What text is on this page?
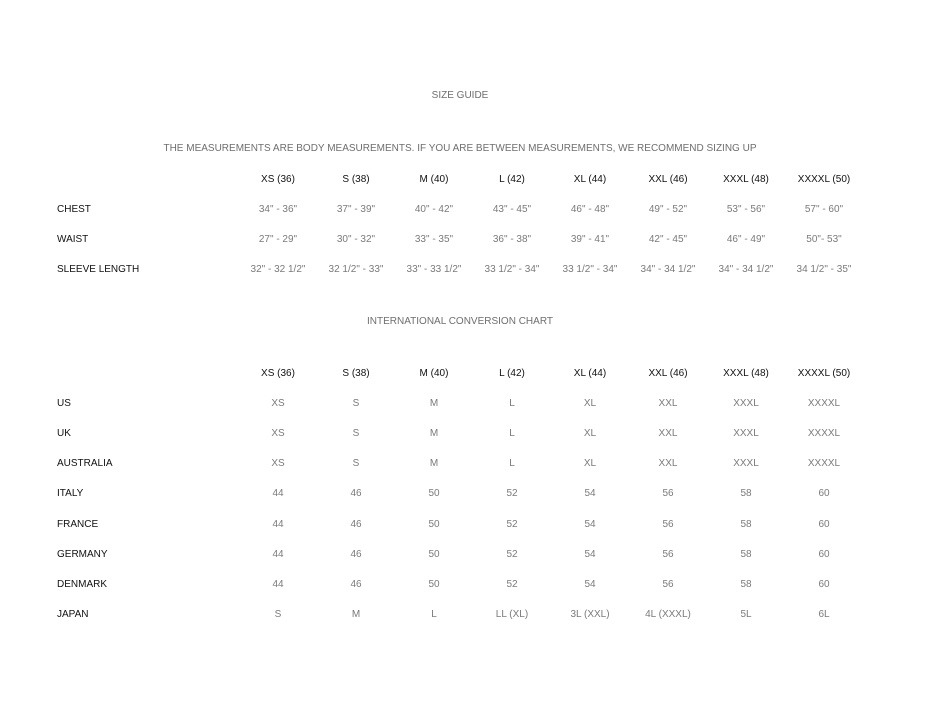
SIZE GUIDE
THE MEASUREMENTS ARE BODY MEASUREMENTS. IF YOU ARE BETWEEN MEASUREMENTS, WE RECOMMEND SIZING UP
	XS (36)	S (38)	M (40)	L (42)	XL (44)	XXL (46)	XXXL (48)	XXXXL (50)
CHEST	34" - 36"	37" - 39"	40" - 42"	43" - 45"	46" - 48"	49" - 52"	53" - 56"	57" - 60"
WAIST	27" - 29"	30" - 32"	33" - 35"	36" - 38"	39" - 41"	42" - 45"	46" - 49"	50"- 53"
SLEEVE LENGTH	32" - 32 1/2"	32 1/2" - 33"	33" - 33 1/2"	33 1/2" - 34"	33 1/2" - 34"	34" - 34 1/2"	34" - 34 1/2"	34 1/2" - 35"
INTERNATIONAL CONVERSION CHART
	XS (36)	S (38)	M (40)	L (42)	XL (44)	XXL (46)	XXXL (48)	XXXXL (50)
US	XS	S	M	L	XL	XXL	XXXL	XXXXL
UK	XS	S	M	L	XL	XXL	XXXL	XXXXL
AUSTRALIA	XS	S	M	L	XL	XXL	XXXL	XXXXL
ITALY	44	46	50	52	54	56	58	60
FRANCE	44	46	50	52	54	56	58	60
GERMANY	44	46	50	52	54	56	58	60
DENMARK	44	46	50	52	54	56	58	60
JAPAN	S	M	L	LL (XL)	3L (XXL)	4L (XXXL)	5L	6L
